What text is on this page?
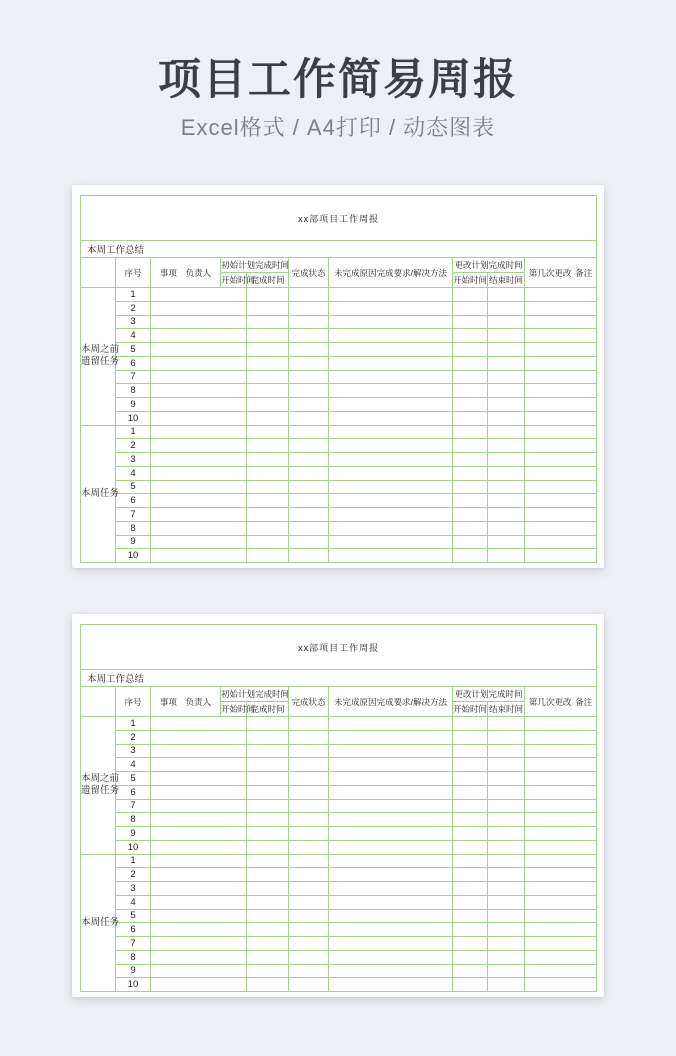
项目工作简易周报
Excel格式 / A4打印 / 动态图表
xx部项目工作周报									
本周工作总结									
	序号	事项 负责人	初始计划完成时间		完成状态	未完成原因 完成要求/解决方法	更改计划完成时间		第几次更改 备注

			开始时间	完成时间			开始时间	结束时间	

本周之前
遗留任务	1								
	2								
	3								
	4								
	5								
	6								
	7								
	8								
	9								
	10								

本周任务	1								
	2								
	3								
	4								
	5								
	6								
	7								
	8								
	9								
	10								
xx部项目工作周报									
本周工作总结									
	序号	事项 负责人	初始计划完成时间		完成状态	未完成原因 完成要求/解决方法	更改计划完成时间		第几次更改 备注

			开始时间	完成时间			开始时间	结束时间	

本周之前
遗留任务	1								
	2								
	3								
	4								
	5								
	6								
	7								
	8								
	9								
	10								

本周任务	1								
	2								
	3								
	4								
	5								
	6								
	7								
	8								
	9								
	10								
